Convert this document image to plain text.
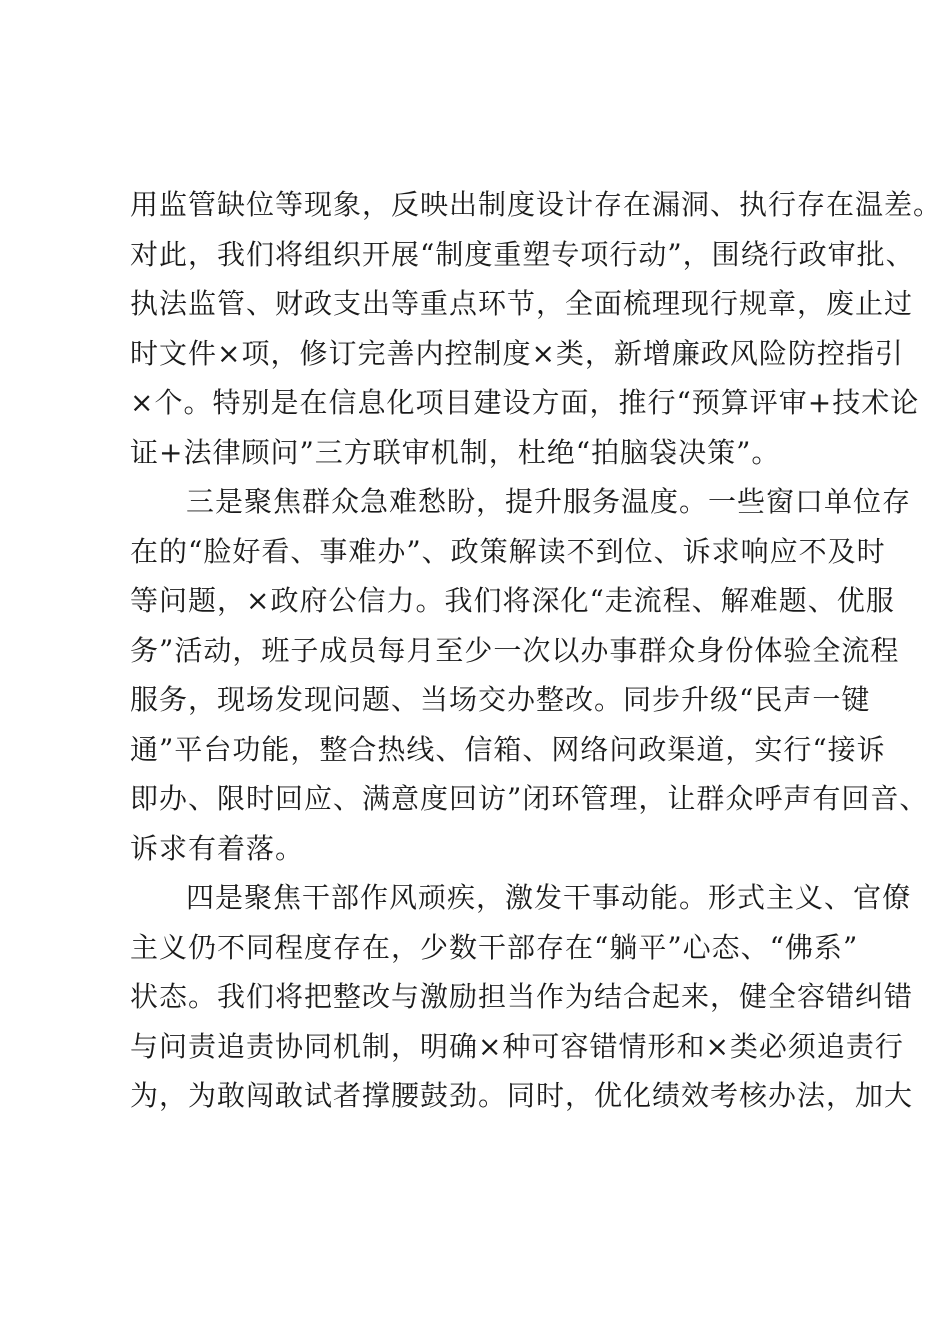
用监管缺位等现象，反映出制度设计存在漏洞、执行存在温差。
对此，我们将组织开展“制度重塑专项行动”，围绕行政审批、
执法监管、财政支出等重点环节，全面梳理现行规章，废止过
时文件×项，修订完善内控制度×类，新增廉政风险防控指引
×个。特别是在信息化项目建设方面，推行“预算评审+技术论
证+法律顾问”三方联审机制，杜绝“拍脑袋决策”。
三是聚焦群众急难愁盼，提升服务温度。一些窗口单位存
在的“脸好看、事难办”、政策解读不到位、诉求响应不及时
等问题，×政府公信力。我们将深化“走流程、解难题、优服
务”活动，班子成员每月至少一次以办事群众身份体验全流程
服务，现场发现问题、当场交办整改。同步升级“民声一键
通”平台功能，整合热线、信箱、网络问政渠道，实行“接诉
即办、限时回应、满意度回访”闭环管理，让群众呼声有回音、
诉求有着落。
四是聚焦干部作风顽疾，激发干事动能。形式主义、官僚
主义仍不同程度存在，少数干部存在“躺平”心态、“佛系”
状态。我们将把整改与激励担当作为结合起来，健全容错纠错
与问责追责协同机制，明确×种可容错情形和×类必须追责行
为，为敢闯敢试者撑腰鼓劲。同时，优化绩效考核办法，加大
